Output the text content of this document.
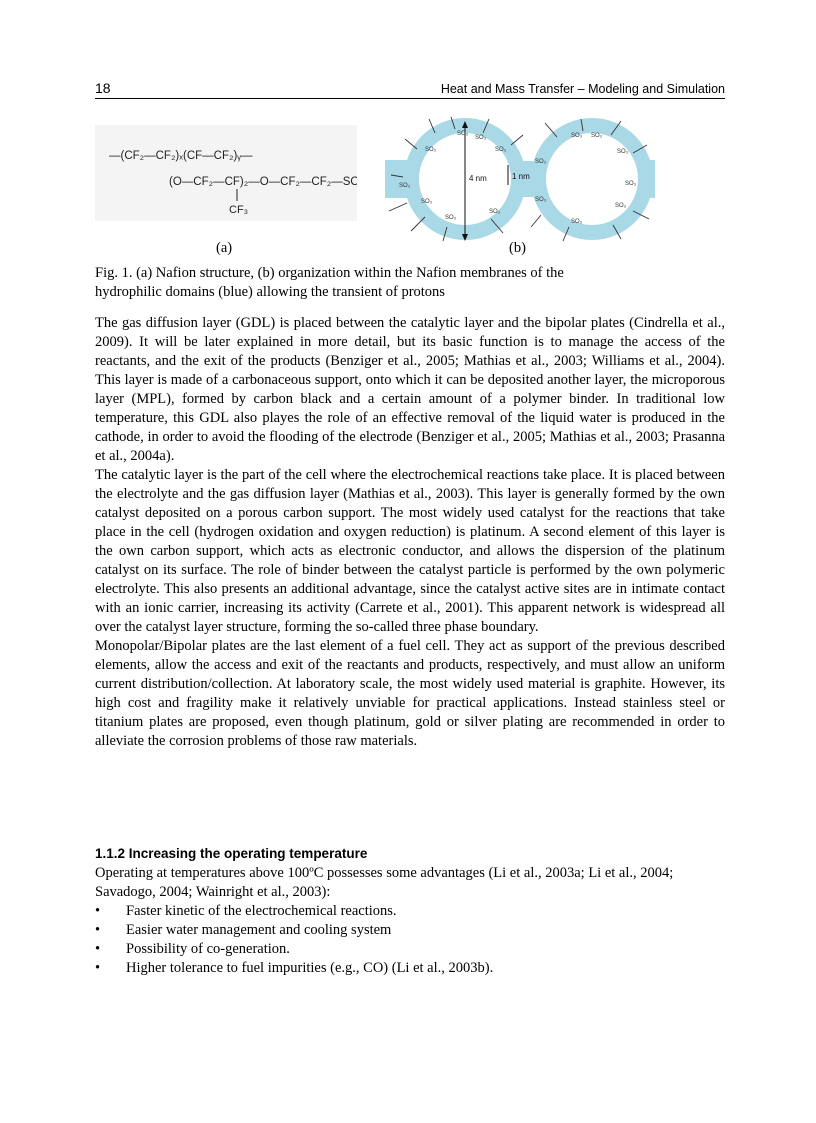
18	Heat and Mass Transfer – Modeling and Simulation
—(CF₂—CF₂)ₓ(CF—CF₂)ᵧ—
(O—CF₂—CF)₂—O—CF₂—CF₂—SO₃H
CF₃
4 nm	1 nm
SO₃
SO₃
SO₃	SO₃
SO₃
SO₃
SO₃
SO₃
SO₃ SO₃
SO₃
SO₃
SO₃
SO₃
SO₃
SO₃
(a)	(b)
Fig. 1. (a) Nafion structure, (b) organization within the Nafion membranes of the
hydrophilic domains (blue) allowing the transient of protons

The gas diffusion layer (GDL) is placed between the catalytic layer and the bipolar plates (Cindrella et al., 2009). It will be later explained in more detail, but its basic function is to manage the access of the reactants, and the exit of the products (Benziger et al., 2005; Mathias et al., 2003; Williams et al., 2004). This layer is made of a carbonaceous support, onto which it can be deposited another layer, the microporous layer (MPL), formed by carbon black and a certain amount of a polymer binder. In traditional low temperature, this GDL also playes the role of an effective removal of the liquid water is produced in the cathode, in order to avoid the flooding of the electrode (Benziger et al., 2005; Mathias et al., 2003; Prasanna et al., 2004a).

The catalytic layer is the part of the cell where the electrochemical reactions take place. It is placed between the electrolyte and the gas diffusion layer (Mathias et al., 2003). This layer is generally formed by the own catalyst deposited on a porous carbon support. The most widely used catalyst for the reactions that take place in the cell (hydrogen oxidation and oxygen reduction) is platinum. A second element of this layer is the own carbon support, which acts as electronic conductor, and allows the dispersion of the platinum catalyst on its surface. The role of binder between the catalyst particle is performed by the own polymeric electrolyte. This also presents an additional advantage, since the catalyst active sites are in intimate contact with an ionic carrier, increasing its activity (Carrete et al., 2001). This apparent network is widespread all over the catalyst layer structure, forming the so-called three phase boundary.

Monopolar/Bipolar plates are the last element of a fuel cell. They act as support of the previous described elements, allow the access and exit of the reactants and products, respectively, and must allow an uniform current distribution/collection. At laboratory scale, the most widely used material is graphite. However, its high cost and fragility make it relatively unviable for practical applications. Instead stainless steel or titanium plates are proposed, even though platinum, gold or silver plating are recommended in order to alleviate the corrosion problems of those raw materials.

1.1.2 Increasing the operating temperature

Operating at temperatures above 100ºC possesses some advantages (Li et al., 2003a; Li et al., 2004; Savadogo, 2004; Wainright et al., 2003):

• Faster kinetic of the electrochemical reactions.
• Easier water management and cooling system
• Possibility of co-generation.
• Higher tolerance to fuel impurities (e.g., CO) (Li et al., 2003b).
